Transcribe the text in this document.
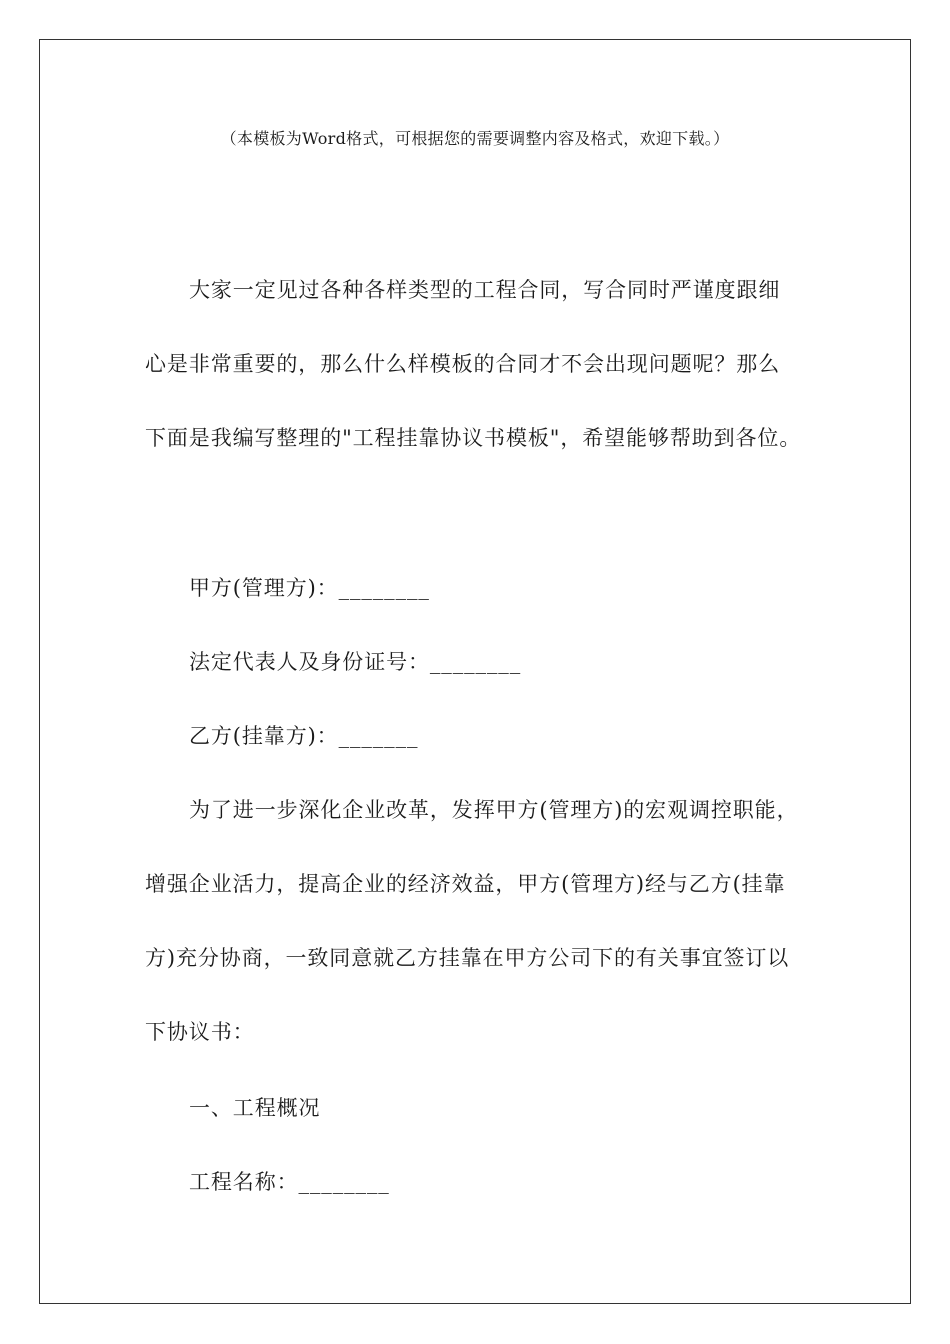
（本模板为Word格式，可根据您的需要调整内容及格式，欢迎下载。）
大家一定见过各种各样类型的工程合同，写合同时严谨度跟细
心是非常重要的，那么什么样模板的合同才不会出现问题呢？那么
下面是我编写整理的"工程挂靠协议书模板"，希望能够帮助到各位。
甲方(管理方)：________
法定代表人及身份证号：________
乙方(挂靠方)：_______
为了进一步深化企业改革，发挥甲方(管理方)的宏观调控职能，
增强企业活力，提高企业的经济效益，甲方(管理方)经与乙方(挂靠
方)充分协商，一致同意就乙方挂靠在甲方公司下的有关事宜签订以
下协议书：
一、工程概况
工程名称：________
